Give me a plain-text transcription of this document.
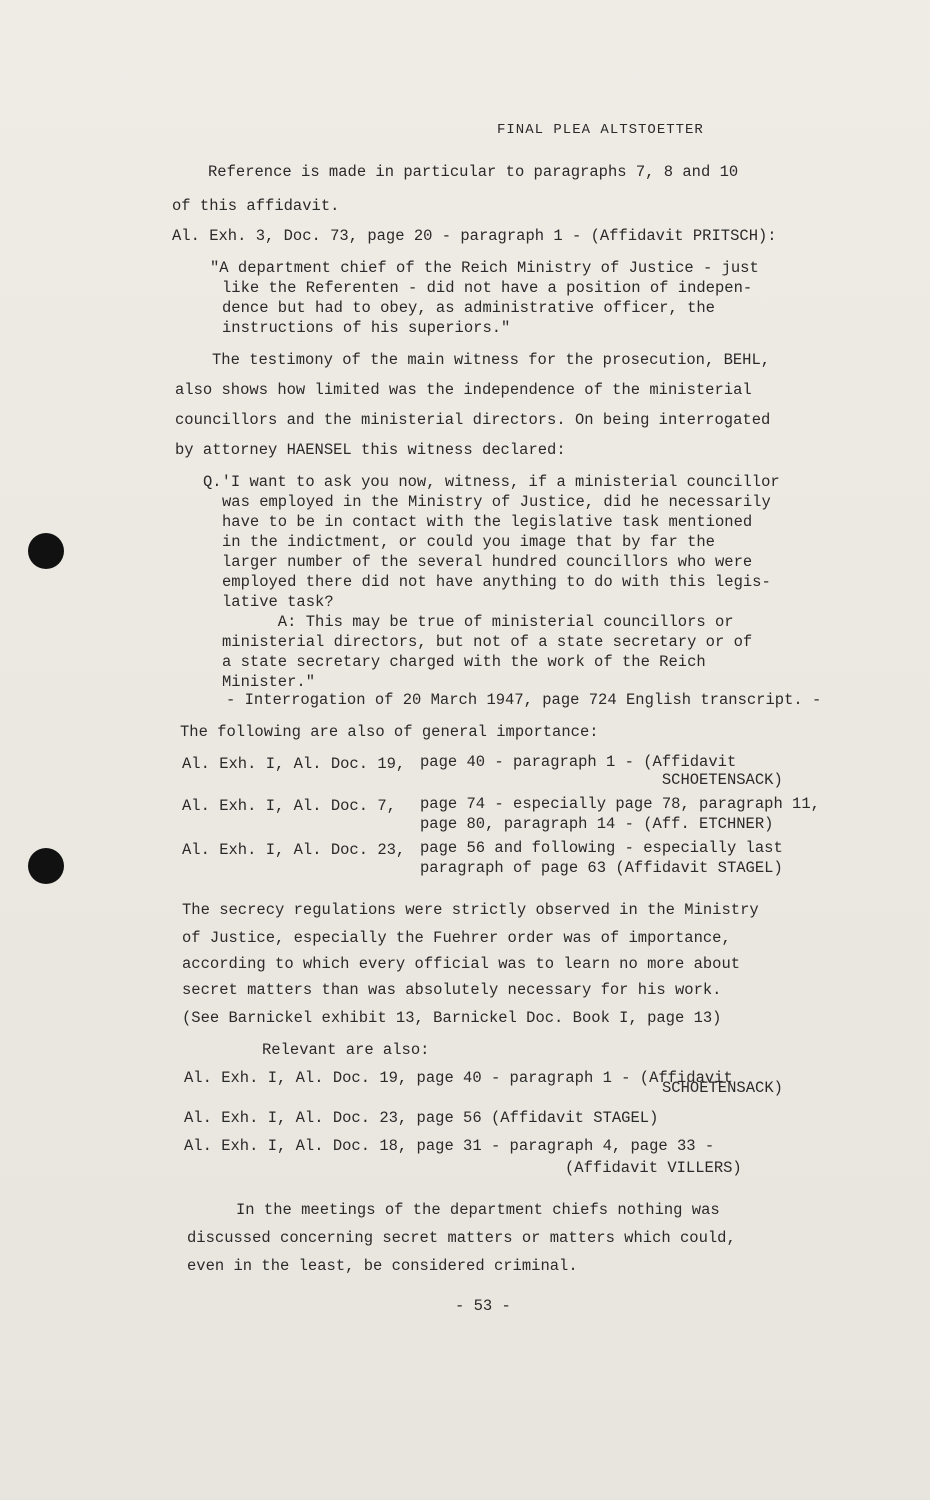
FINAL PLEA ALTSTOETTER
Reference is made in particular to paragraphs 7, 8 and 10
of this affidavit.
Al. Exh. 3, Doc. 73, page 20 - paragraph 1 - (Affidavit PRITSCH):
"A department chief of the Reich Ministry of Justice - just
like the Referenten - did not have a position of indepen-
dence but had to obey, as administrative officer, the
instructions of his superiors."
The testimony of the main witness for the prosecution, BEHL,
also shows how limited was the independence of the ministerial
councillors and the ministerial directors. On being interrogated
by attorney HAENSEL this witness declared:
Q.'I want to ask you now, witness, if a ministerial councillor
was employed in the Ministry of Justice, did he necessarily
have to be in contact with the legislative task mentioned
in the indictment, or could you image that by far the
larger number of the several hundred councillors who were
employed there did not have anything to do with this legis-
lative task?
A: This may be true of ministerial councillors or
ministerial directors, but not of a state secretary or of
a state secretary charged with the work of the Reich
Minister."
- Interrogation of 20 March 1947, page 724 English transcript. -
The following are also of general importance:
Al. Exh. I, Al. Doc. 19, page 40 - paragraph 1 - (Affidavit
SCHOETENSACK)
Al. Exh. I, Al. Doc. 7, page 74 - especially page 78, paragraph 11,
page 80, paragraph 14 - (Aff. ETCHNER)
Al. Exh. I, Al. Doc. 23, page 56 and following - especially last
paragraph of page 63 (Affidavit STAGEL)
The secrecy regulations were strictly observed in the Ministry
of Justice, especially the Fuehrer order was of importance,
according to which every official was to learn no more about
secret matters than was absolutely necessary for his work.
(See Barnickel exhibit 13, Barnickel Doc. Book I, page 13)
Relevant are also:
Al. Exh. I, Al. Doc. 19, page 40 - paragraph 1 - (Affidavit
SCHOETENSACK)
Al. Exh. I, Al. Doc. 23, page 56 (Affidavit STAGEL)
Al. Exh. I, Al. Doc. 18, page 31 - paragraph 4, page 33 -
(Affidavit VILLERS)
In the meetings of the department chiefs nothing was
discussed concerning secret matters or matters which could,
even in the least, be considered criminal.
- 53 -
